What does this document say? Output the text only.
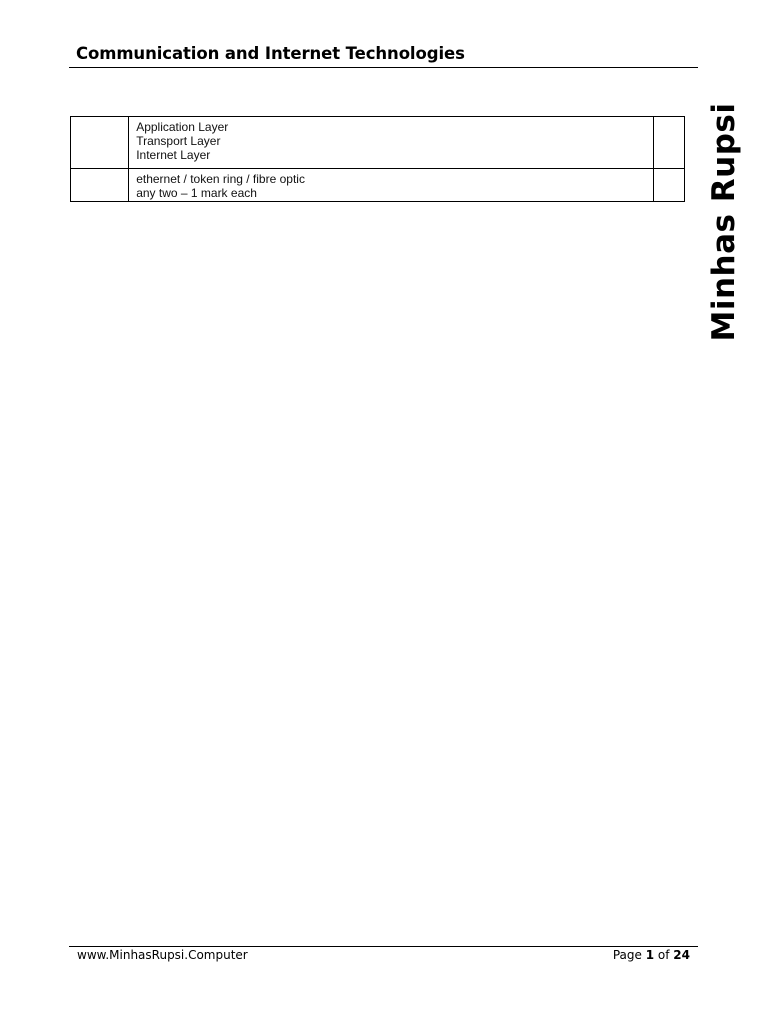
Communication and Internet Technologies
Minhas Rupsi

	Application Layer
Transport Layer
Internet Layer	

	ethernet / token ring / fibre optic
any two – 1 mark each	

www.MinhasRupsi.Computer	Page 1 of 24
